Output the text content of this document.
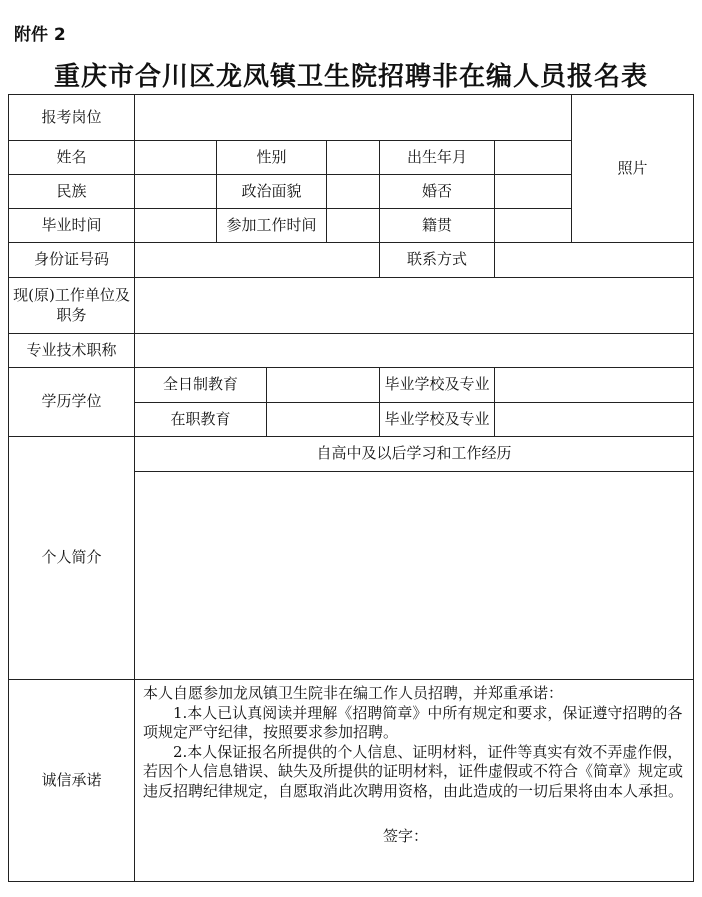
附件 2
重庆市合川区龙凤镇卫生院招聘非在编人员报名表
报考岗位							照片
姓名		性别			出生年月		
民族		政治面貌			婚否		
毕业时间		参加工作时间			籍贯		
身份证号码					联系方式		
现(原)工作单位及职务							
专业技术职称							
学历学位	全日制教育				毕业学校及专业		
	在职教育				毕业学校及专业		
个人简介	自高中及以后学习和工作经历						

诚信承诺	本人自愿参加龙凤镇卫生院非在编工作人员招聘，并郑重承诺：

1.本人已认真阅读并理解《招聘简章》中所有规定和要求，保证遵守招聘的各项规定严守纪律，按照要求参加招聘。

2.本人保证报名所提供的个人信息、证明材料，证件等真实有效不弄虚作假，若因个人信息错误、缺失及所提供的证明材料，证件虚假或不符合《简章》规定或违反招聘纪律规定，自愿取消此次聘用资格，由此造成的一切后果将由本人承担。

签字：						
